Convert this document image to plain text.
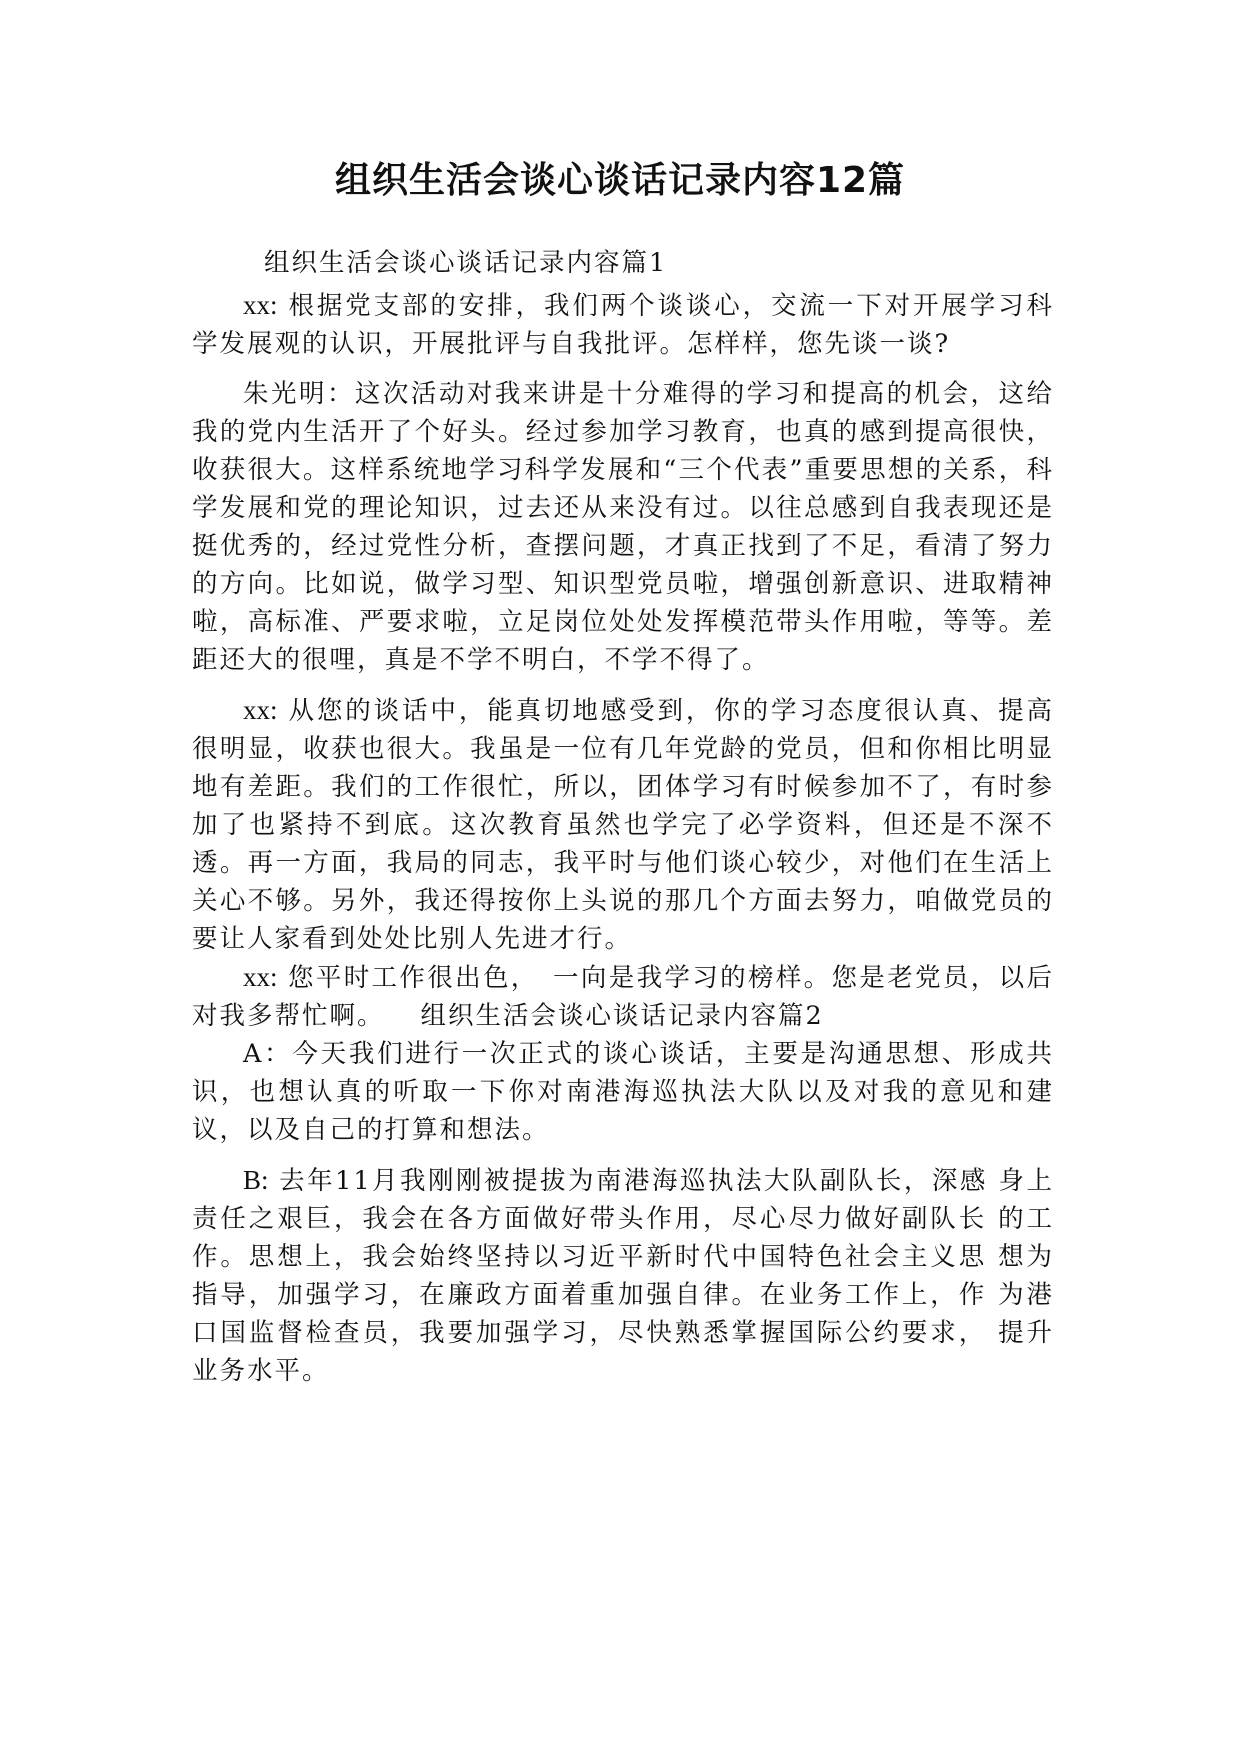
组织生活会谈心谈话记录内容12篇

组织生活会谈心谈话记录内容篇1

xx: 根据党支部的安排，我们两个谈谈心，交流一下对开展学习科学发展观的认识，开展批评与自我批评。怎样样，您先谈一谈?

朱光明：这次活动对我来讲是十分难得的学习和提高的机会，这给我的党内生活开了个好头。经过参加学习教育，也真的感到提高很快，收获很大。这样系统地学习科学发展和“三个代表”重要思想的关系，科学发展和党的理论知识，过去还从来没有过。以往总感到自我表现还是挺优秀的，经过党性分析，查摆问题，才真正找到了不足，看清了努力的方向。比如说，做学习型、知识型党员啦，增强创新意识、进取精神啦，高标准、严要求啦，立足岗位处处发挥模范带头作用啦，等等。差距还大的很哩，真是不学不明白，不学不得了。

xx: 从您的谈话中，能真切地感受到，你的学习态度很认真、提高很明显，收获也很大。我虽是一位有几年党龄的党员，但和你相比明显地有差距。我们的工作很忙，所以，团体学习有时候参加不了，有时参加了也紧持不到底。这次教育虽然也学完了必学资料，但还是不深不透。再一方面，我局的同志，我平时与他们谈心较少，对他们在生活上关心不够。另外，我还得按你上头说的那几个方面去努力，咱做党员的要让人家看到处处比别人先进才行。

xx: 您平时工作很出色， 一向是我学习的榜样。您是老党员，以后对我多帮忙啊。 组织生活会谈心谈话记录内容篇2

A：今天我们进行一次正式的谈心谈话，主要是沟通思想、形成共识，也想认真的听取一下你对南港海巡执法大队以及对我的意见和建议，以及自己的打算和想法。

B: 去年11月我刚刚被提拔为南港海巡执法大队副队长，深感 身上责任之艰巨，我会在各方面做好带头作用，尽心尽力做好副队长 的工作。思想上，我会始终坚持以习近平新时代中国特色社会主义思 想为指导，加强学习，在廉政方面着重加强自律。在业务工作上，作 为港口国监督检查员，我要加强学习，尽快熟悉掌握国际公约要求， 提升业务水平。
